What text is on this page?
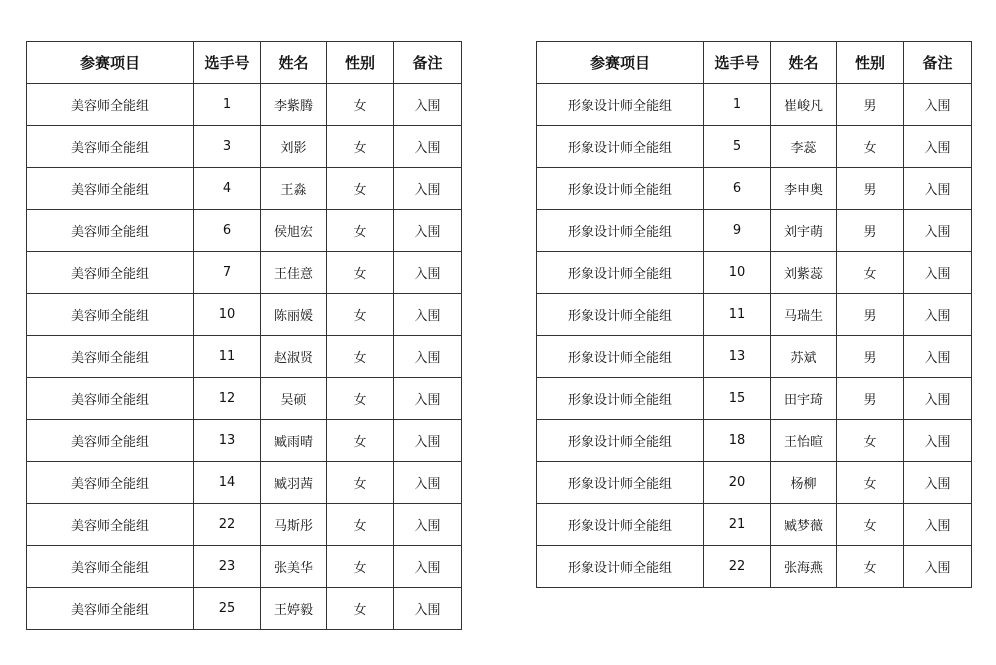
参赛项目	选手号	姓名	性别	备注
美容师全能组	1	李紫腾	女	入围
美容师全能组	3	刘影	女	入围
美容师全能组	4	王淼	女	入围
美容师全能组	6	侯旭宏	女	入围
美容师全能组	7	王佳意	女	入围
美容师全能组	10	陈丽媛	女	入围
美容师全能组	11	赵淑贤	女	入围
美容师全能组	12	吴硕	女	入围
美容师全能组	13	臧雨晴	女	入围
美容师全能组	14	臧羽茜	女	入围
美容师全能组	22	马斯彤	女	入围
美容师全能组	23	张美华	女	入围
美容师全能组	25	王婷毅	女	入围
参赛项目	选手号	姓名	性别	备注
形象设计师全能组	1	崔峻凡	男	入围
形象设计师全能组	5	李蕊	女	入围
形象设计师全能组	6	李申奥	男	入围
形象设计师全能组	9	刘宇萌	男	入围
形象设计师全能组	10	刘紫蕊	女	入围
形象设计师全能组	11	马瑞生	男	入围
形象设计师全能组	13	苏斌	男	入围
形象设计师全能组	15	田宇琦	男	入围
形象设计师全能组	18	王怡暄	女	入围
形象设计师全能组	20	杨柳	女	入围
形象设计师全能组	21	臧梦薇	女	入围
形象设计师全能组	22	张海燕	女	入围
